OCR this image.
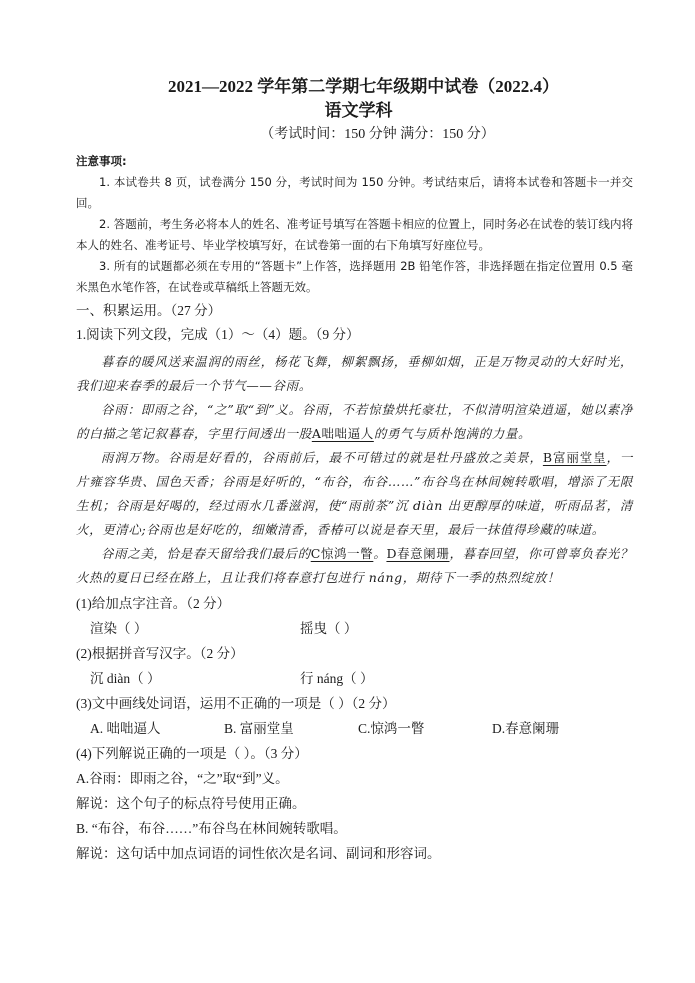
2021—2022 学年第二学期七年级期中试卷（2022.4）
语文学科

（考试时间：150 分钟 满分：150 分）

注意事项:

1. 本试卷共 8 页，试卷满分 150 分，考试时间为 150 分钟。考试结束后，请将本试卷和答题卡一并交回。

2. 答题前，考生务必将本人的姓名、准考证号填写在答题卡相应的位置上，同时务必在试卷的装订线内将本人的姓名、准考证号、毕业学校填写好，在试卷第一面的右下角填写好座位号。

3. 所有的试题都必须在专用的“答题卡”上作答，选择题用 2B 铅笔作答，非选择题在指定位置用 0.5 毫米黑色水笔作答，在试卷或草稿纸上答题无效。

一、积累运用。（27 分）

1.阅读下列文段，完成（1）～（4）题。（9 分）

暮春的暖风送来温润的雨丝，杨花飞舞，柳絮飘扬，垂柳如烟，正是万物灵动的大好时光，我们迎来春季的最后一个节气——谷雨。

谷雨：即雨之谷，“之”取“到”义。谷雨，不若惊蛰烘托豪壮，不似清明渲染逍遥，她以素净的白描之笔记叙暮春，字里行间透出一股A咄咄逼人的勇气与质朴饱满的力量。

雨润万物。谷雨是好看的，谷雨前后，最不可错过的就是牡丹盛放之美景，B富丽堂皇，一片雍容华贵、国色天香；谷雨是好听的，“布谷，布谷……”布谷鸟在林间婉转歌唱，增添了无限生机；谷雨是好喝的，经过雨水几番滋润，使“雨前茶”沉 diàn 出更醇厚的味道，听雨品茗，清火，更清心;谷雨也是好吃的，细嫩清香，香椿可以说是春天里，最后一抹值得珍藏的味道。

谷雨之美，恰是春天留给我们最后的C惊鸿一瞥。D春意阑珊，暮春回望，你可曾辜负春光？火热的夏日已经在路上，且让我们将春意打包进行 náng，期待下一季的热烈绽放！

(1)给加点字注音。（2 分）

渲染（ ）	摇曳（ ）

(2)根据拼音写汉字。（2 分）

沉 diàn（ ）	行 náng（ ）

(3)文中画线处词语，运用不正确的一项是（ ）（2 分）

A. 咄咄逼人	B. 富丽堂皇	C.惊鸿一瞥	D.春意阑珊

(4)下列解说正确的一项是（ ）。（3 分）

A.谷雨：即雨之谷，“之”取“到”义。

解说：这个句子的标点符号使用正确。

B. “布谷，布谷……”布谷鸟在林间婉转歌唱。

解说：这句话中加点词语的词性依次是名词、副词和形容词。
